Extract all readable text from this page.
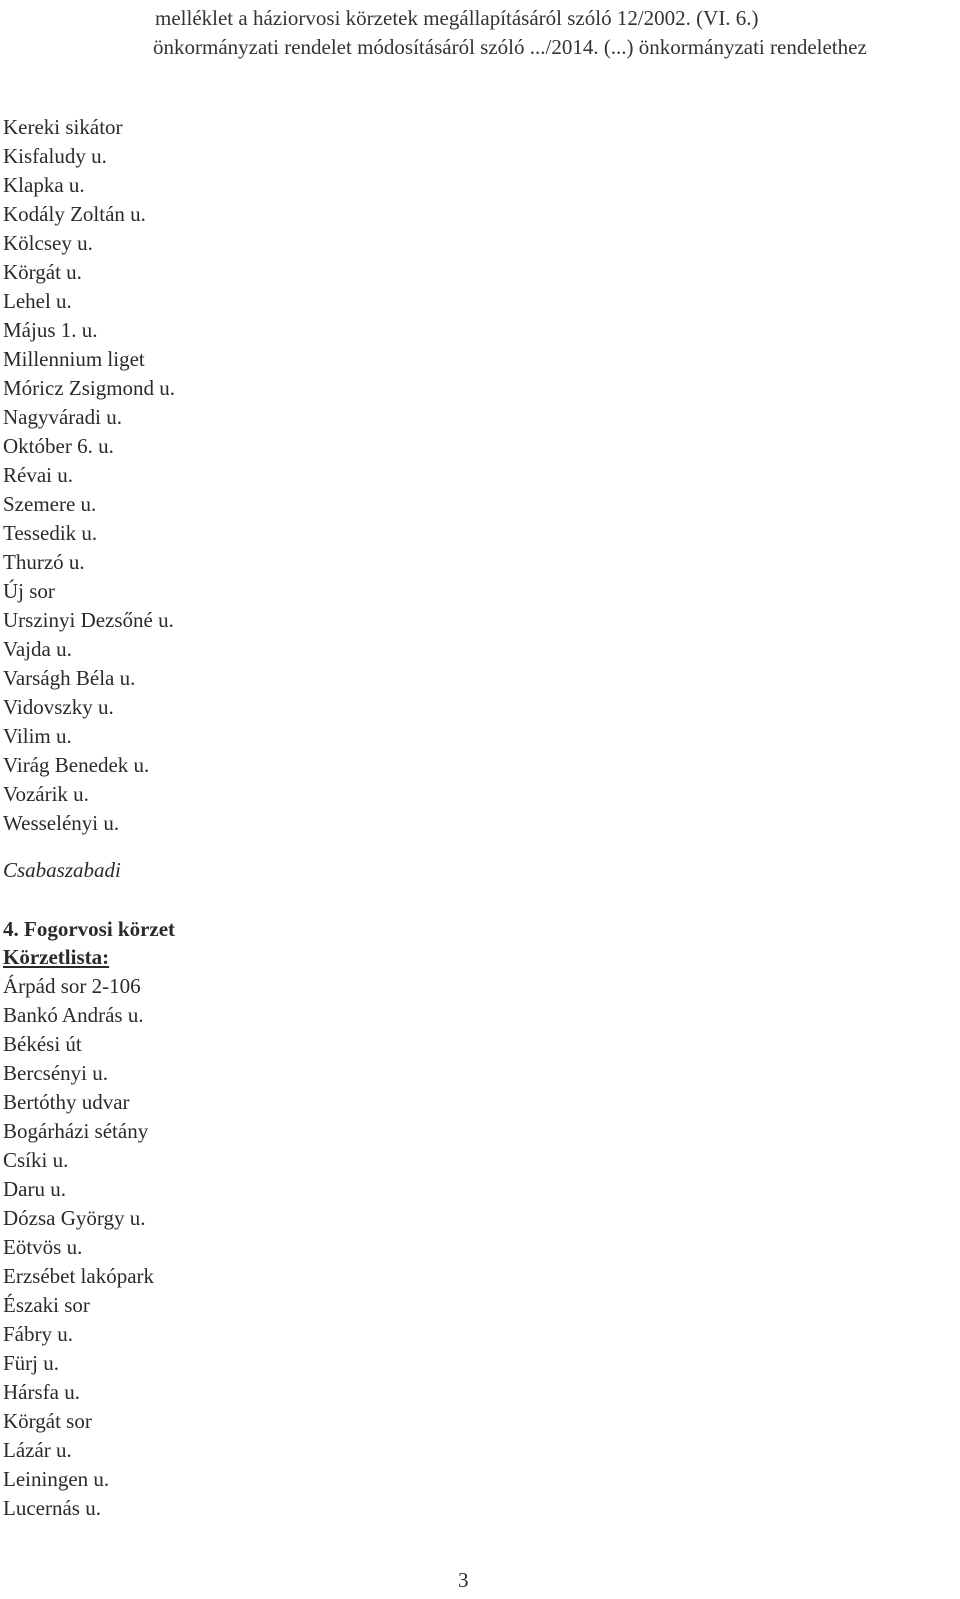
melléklet a háziorvosi körzetek megállapításáról szóló 12/2002. (VI. 6.)
önkormányzati rendelet módosításáról szóló .../2014. (...) önkormányzati rendelethez
Kereki sikátor
Kisfaludy u.
Klapka u.
Kodály Zoltán u.
Kölcsey u.
Körgát u.
Lehel u.
Május 1. u.
Millennium liget
Móricz Zsigmond u.
Nagyváradi u.
Október 6. u.
Révai u.
Szemere u.
Tessedik u.
Thurzó u.
Új sor
Urszinyi Dezsőné u.
Vajda u.
Varságh Béla u.
Vidovszky u.
Vilim u.
Virág Benedek u.
Vozárik u.
Wesselényi u.
Csabaszabadi
4. Fogorvosi körzet
Körzetlista:
Árpád sor 2-106
Bankó András u.
Békési út
Bercsényi u.
Bertóthy udvar
Bogárházi sétány
Csíki u.
Daru u.
Dózsa György u.
Eötvös u.
Erzsébet lakópark
Északi sor
Fábry u.
Fürj u.
Hársfa u.
Körgát sor
Lázár u.
Leiningen u.
Lucernás u.
3
